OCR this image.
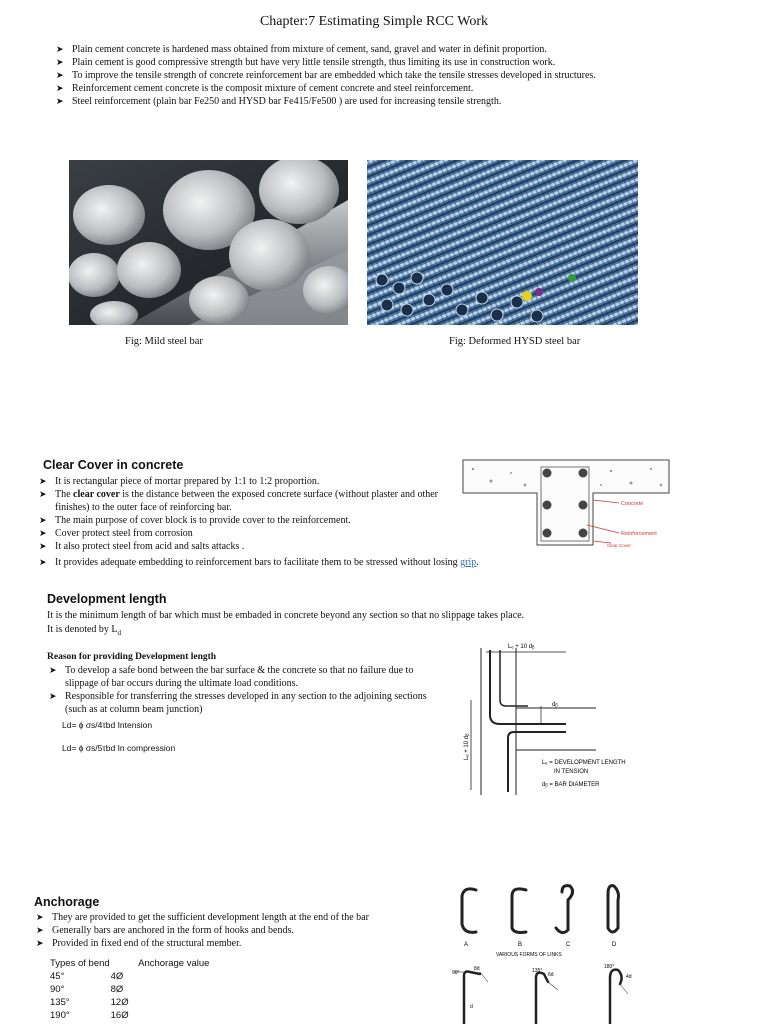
Chapter:7 Estimating Simple RCC Work
➤ Plain cement concrete is hardened mass obtained from mixture of cement, sand, gravel and water in definit proportion.
➤ Plain cement is good compressive strength but have very little tensile strength, thus limiting its use in construction work.
➤ To improve the tensile strength of concrete reinforcement bar are embedded which take the tensile stresses developed in structures.
➤ Reinforcement cement concrete is the composit mixture of cement concrete and steel reinforcement.
➤ Steel reinforcement (plain bar Fe250 and HYSD bar Fe415/Fe500 ) are used for increasing tensile strength.
Fig: Mild steel bar	Fig: Deformed HYSD steel bar
Clear Cover in concrete
➤ It is rectangular piece of mortar prepared by 1:1 to 1:2 proportion.
➤ The clear cover is the distance between the exposed concrete surface (without plaster and other finishes) to the outer face of reinforcing bar.
➤ The main purpose of cover block is to provide cover to the reinforcement.
➤ Cover protect steel from corrosion
➤ It also protect steel from acid and salts attacks .
➤ It provides adequate embedding to reinforcement bars to facilitate them to be stressed without losing grip.
Concrete
Reinforcement
Clear Cover
Development length
It is the minimum length of bar which must be embaded in concrete beyond any section so that no slippage takes place.
It is denoted by $L_d$
Reason for providing Development length
➤ To develop a safe bond between the bar surface & the concrete so that no failure due to slippage of bar occurs during the ultimate load conditions.
➤ Responsible for transferring the stresses developed in any section to the adjoining sections (such as at column beam junction)
Ld= ɸ σs/4τbd Intension
Ld= ɸ σs/5τbd In compression
Lₑ + 10 dᵦ
Lₑ + 10 dᵦ
dᵦ
Lₑ = DEVELOPMENT LENGTH
IN TENSION
dᵦ = BAR DIAMETER
Anchorage
➤ They are provided to get the sufficient development length at the end of the bar
➤ Generally bars are anchored in the form of hooks and bends.
➤ Provided in fixed end of the structural member.
Types of bend	Anchorage value
45°	4Ø
90°	8Ø
135°	12Ø
190°	16Ø
A	B	C	D
VARIOUS FORMS OF LINKS
90°	135°
180°
8d
6d	4d
d
